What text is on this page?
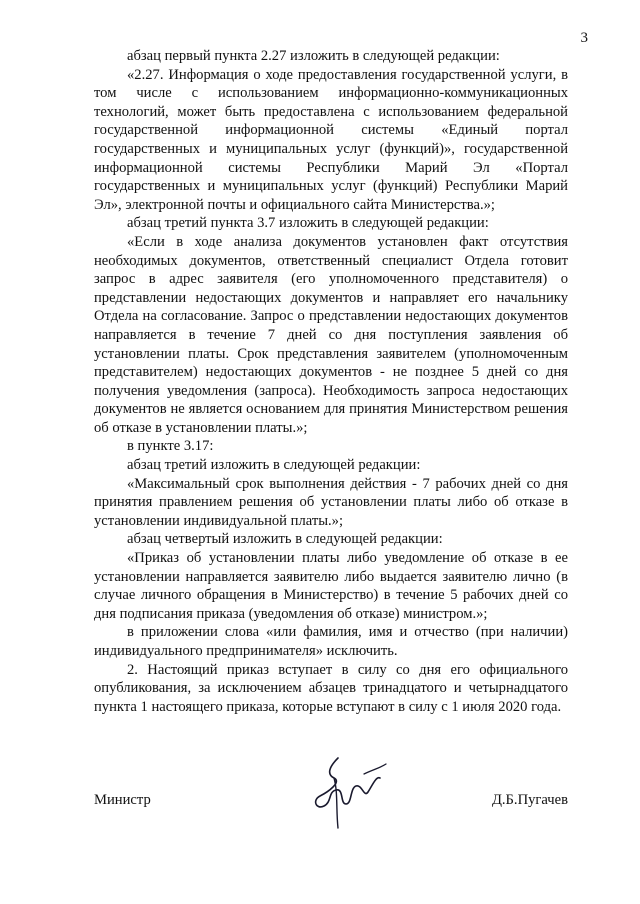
3

абзац первый пункта 2.27 изложить в следующей редакции:

«2.27. Информация о ходе предоставления государственной услуги, в том числе с использованием информационно-коммуникационных технологий, может быть предоставлена с использованием федеральной государственной информационной системы «Единый портал государственных и муниципальных услуг (функций)», государственной информационной системы Республики Марий Эл «Портал государственных и муниципальных услуг (функций) Республики Марий Эл», электронной почты и официального сайта Министерства.»;

абзац третий пункта 3.7 изложить в следующей редакции:

«Если в ходе анализа документов установлен факт отсутствия необходимых документов, ответственный специалист Отдела готовит запрос в адрес заявителя (его уполномоченного представителя) о представлении недостающих документов и направляет его начальнику Отдела на согласование. Запрос о представлении недостающих документов направляется в течение 7 дней со дня поступления заявления об установлении платы. Срок представления заявителем (уполномоченным представителем) недостающих документов - не позднее 5 дней со дня получения уведомления (запроса). Необходимость запроса недостающих документов не является основанием для принятия Министерством решения об отказе в установлении платы.»;

в пункте 3.17:

абзац третий изложить в следующей редакции:

«Максимальный срок выполнения действия - 7 рабочих дней со дня принятия правлением решения об установлении платы либо об отказе в установлении индивидуальной платы.»;

абзац четвертый изложить в следующей редакции:

«Приказ об установлении платы либо уведомление об отказе в ее установлении направляется заявителю либо выдается заявителю лично (в случае личного обращения в Министерство) в течение 5 рабочих дней со дня подписания приказа (уведомления об отказе) министром.»;

в приложении слова «или фамилия, имя и отчество (при наличии) индивидуального предпринимателя» исключить.

2. Настоящий приказ вступает в силу со дня его официального опубликования, за исключением абзацев тринадцатого и четырнадцатого пункта 1 настоящего приказа, которые вступают в силу с 1 июля 2020 года.

Министр	Д.Б.Пугачев
